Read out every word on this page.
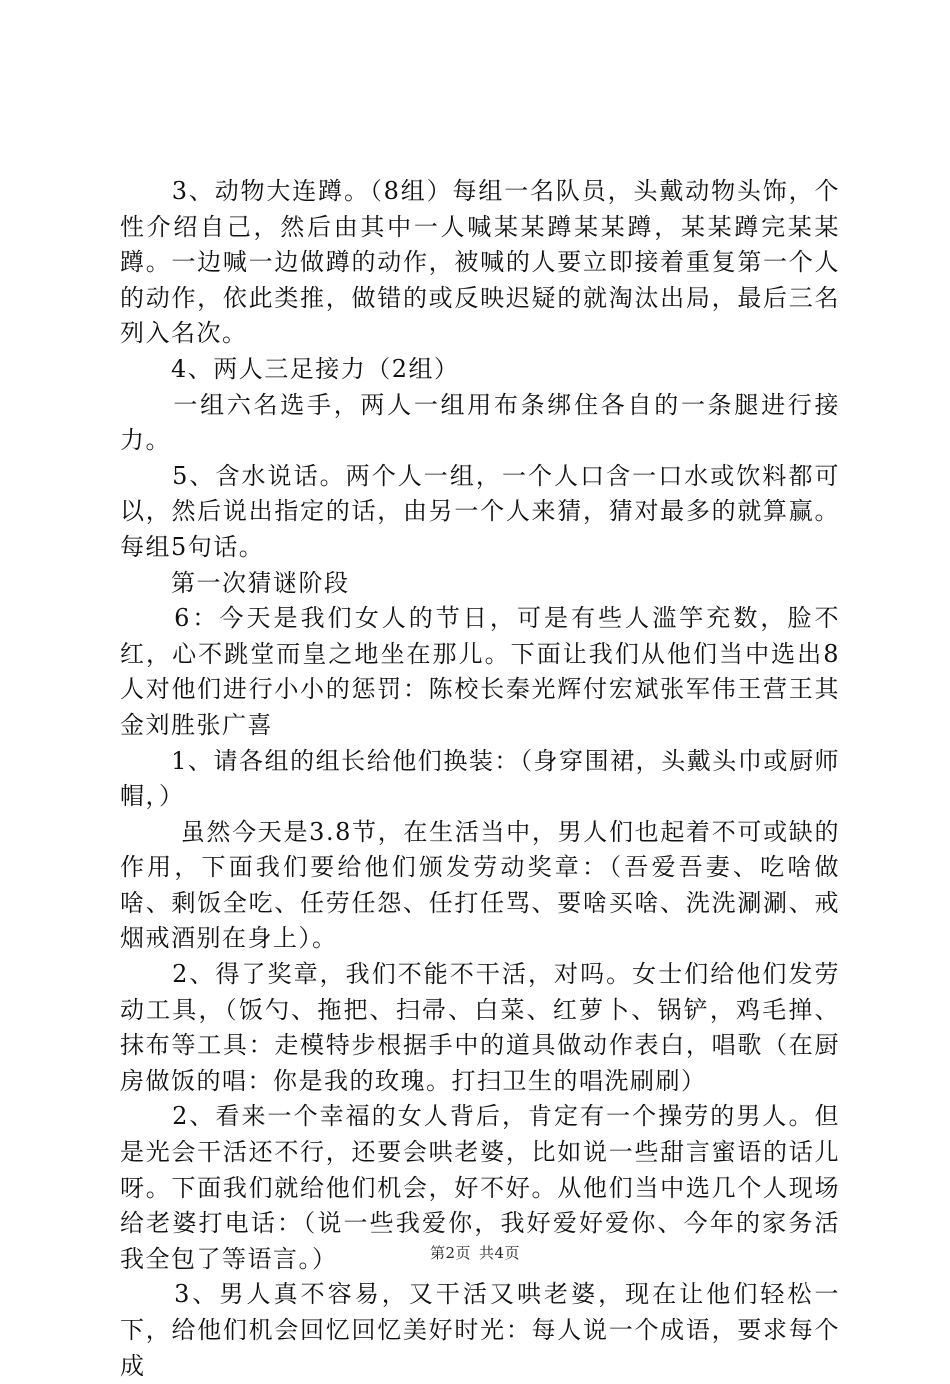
　　3、动物大连蹲。（8组）每组一名队员，头戴动物头饰，个性介绍自己，然后由其中一人喊某某蹲某某蹲，某某蹲完某某蹲。一边喊一边做蹲的动作，被喊的人要立即接着重复第一个人的动作，依此类推，做错的或反映迟疑的就淘汰出局，最后三名列入名次。

　　4、两人三足接力（2组）

　　一组六名选手，两人一组用布条绑住各自的一条腿进行接力。

　　5、含水说话。两个人一组，一个人口含一口水或饮料都可以，然后说出指定的话，由另一个人来猜，猜对最多的就算赢。每组5句话。

　　第一次猜谜阶段

　　6：今天是我们女人的节日，可是有些人滥竽充数，脸不红，心不跳堂而皇之地坐在那儿。下面让我们从他们当中选出8人对他们进行小小的惩罚：陈校长秦光辉付宏斌张军伟王营王其金刘胜张广喜

　　1、请各组的组长给他们换装：（身穿围裙，头戴头巾或厨师帽，）

　　 虽然今天是3.8节，在生活当中，男人们也起着不可或缺的作用，下面我们要给他们颁发劳动奖章：（吾爱吾妻、吃啥做啥、剩饭全吃、任劳任怨、任打任骂、要啥买啥、洗洗涮涮、戒烟戒酒别在身上）。

　　2、得了奖章，我们不能不干活，对吗。女士们给他们发劳动工具，（饭勺、拖把、扫帚、白菜、红萝卜、锅铲，鸡毛掸、抹布等工具：走模特步根据手中的道具做动作表白，唱歌（在厨房做饭的唱：你是我的玫瑰。打扫卫生的唱洗刷刷）

　　2、看来一个幸福的女人背后，肯定有一个操劳的男人。但是光会干活还不行，还要会哄老婆，比如说一些甜言蜜语的话儿呀。下面我们就给他们机会，好不好。从他们当中选几个人现场给老婆打电话：（说一些我爱你，我好爱好爱你、今年的家务活我全包了等语言。）

　　3、男人真不容易，又干活又哄老婆，现在让他们轻松一下，给他们机会回忆回忆美好时光：每人说一个成语，要求每个成

第2页 共4页
